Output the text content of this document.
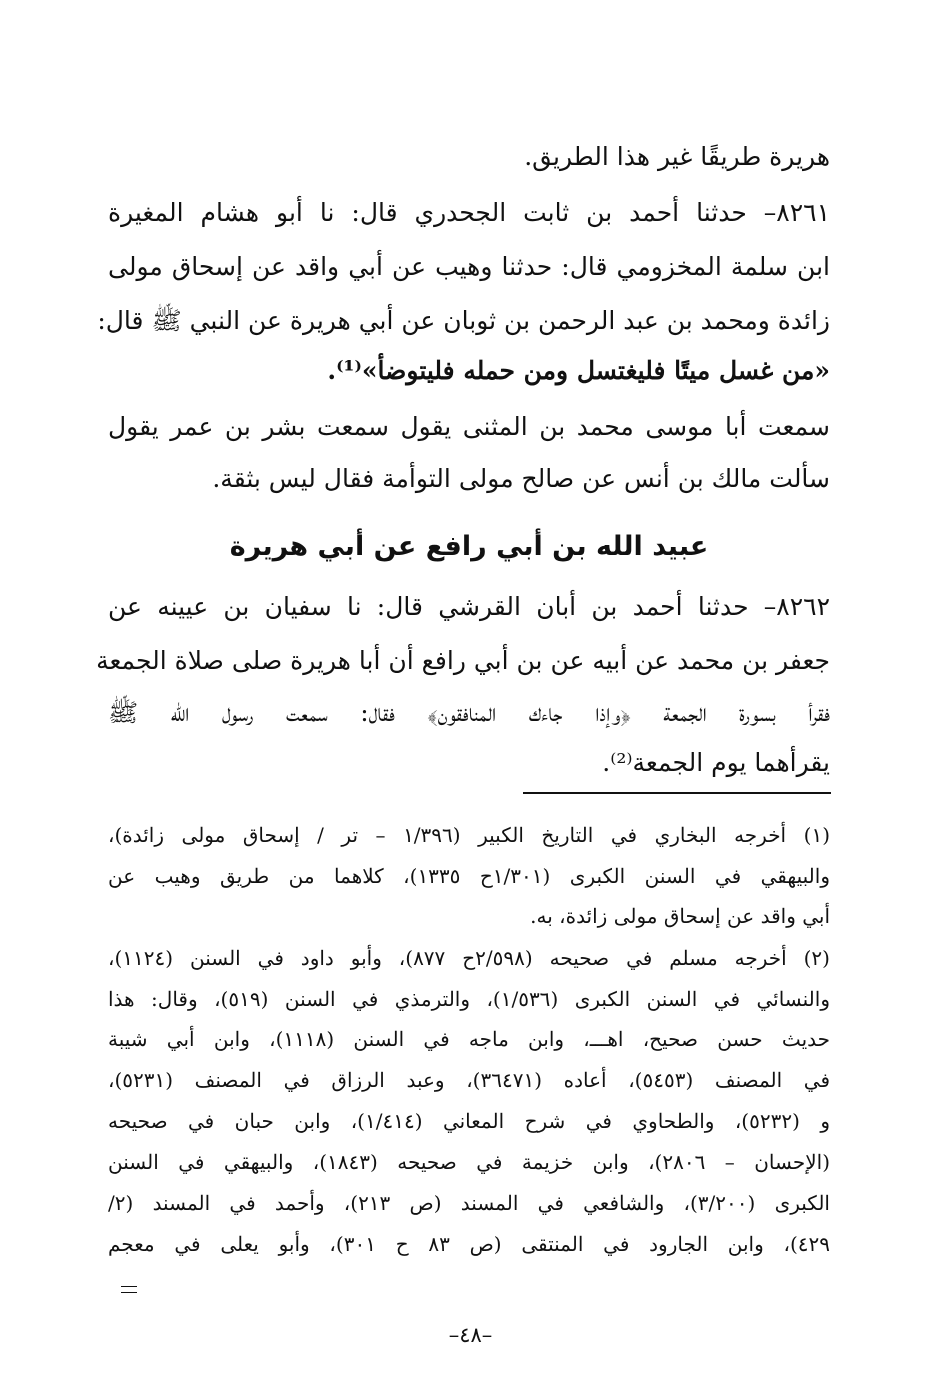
هريرة طريقًا غير هذا الطريق.
٨٢٦١– حدثنا أحمد بن ثابت الجحدري قال: نا أبو هشام المغيرة
ابن سلمة المخزومي قال: حدثنا وهيب عن أبي واقد عن إسحاق مولى
زائدة ومحمد بن عبد الرحمن بن ثوبان عن أبي هريرة عن النبي ﷺ قال:
«من غسل ميتًا فليغتسل ومن حمله فليتوضأ»⁽¹⁾.
سمعت أبا موسى محمد بن المثنى يقول سمعت بشر بن عمر يقول
سألت مالك بن أنس عن صالح مولى التوأمة فقال ليس بثقة.
٨٢٦٢– حدثنا أحمد بن أبان القرشي قال: نا سفيان بن عيينه عن
جعفر بن محمد عن أبيه عن بن أبي رافع أن أبا هريرة صلى صلاة الجمعة
فقرأ بسورة الجمعة ﴿وإذا جاءك المنافقون﴾ فقال: سمعت رسول الله ﷺ
يقرأهما يوم الجمعة⁽²⁾.
عبيد الله بن أبي رافع عن أبي هريرة
(١) أخرجه البخاري في التاريخ الكبير (١/٣٩٦ – تر / إسحاق مولى زائدة)،
والبيهقي في السنن الكبرى (١/٣٠١ح ١٣٣٥)، كلاهما من طريق وهيب عن
أبي واقد عن إسحاق مولى زائدة، به.
(٢) أخرجه مسلم في صحيحه (٢/٥٩٨ح ٨٧٧)، وأبو داود في السنن (١١٢٤)،
والنسائي في السنن الكبرى (١/٥٣٦)، والترمذي في السنن (٥١٩)، وقال: هذا
حديث حسن صحيح، اهـــ، وابن ماجه في السنن (١١١٨)، وابن أبي شيبة
في المصنف (٥٤٥٣)، أعاده (٣٦٤٧١)، وعبد الرزاق في المصنف (٥٢٣١)،
و (٥٢٣٢)، والطحاوي في شرح المعاني (١/٤١٤)، وابن حبان في صحيحه
(الإحسان – ٢٨٠٦)، وابن خزيمة في صحيحه (١٨٤٣)، والبيهقي في السنن
الكبرى (٣/٢٠٠)، والشافعي في المسند (ص ٢١٣)، وأحمد في المسند (٢/
٤٢٩)، وابن الجارود في المنتقى (ص ٨٣ ح ٣٠١)، وأبو يعلى في معجم
–٤٨–
